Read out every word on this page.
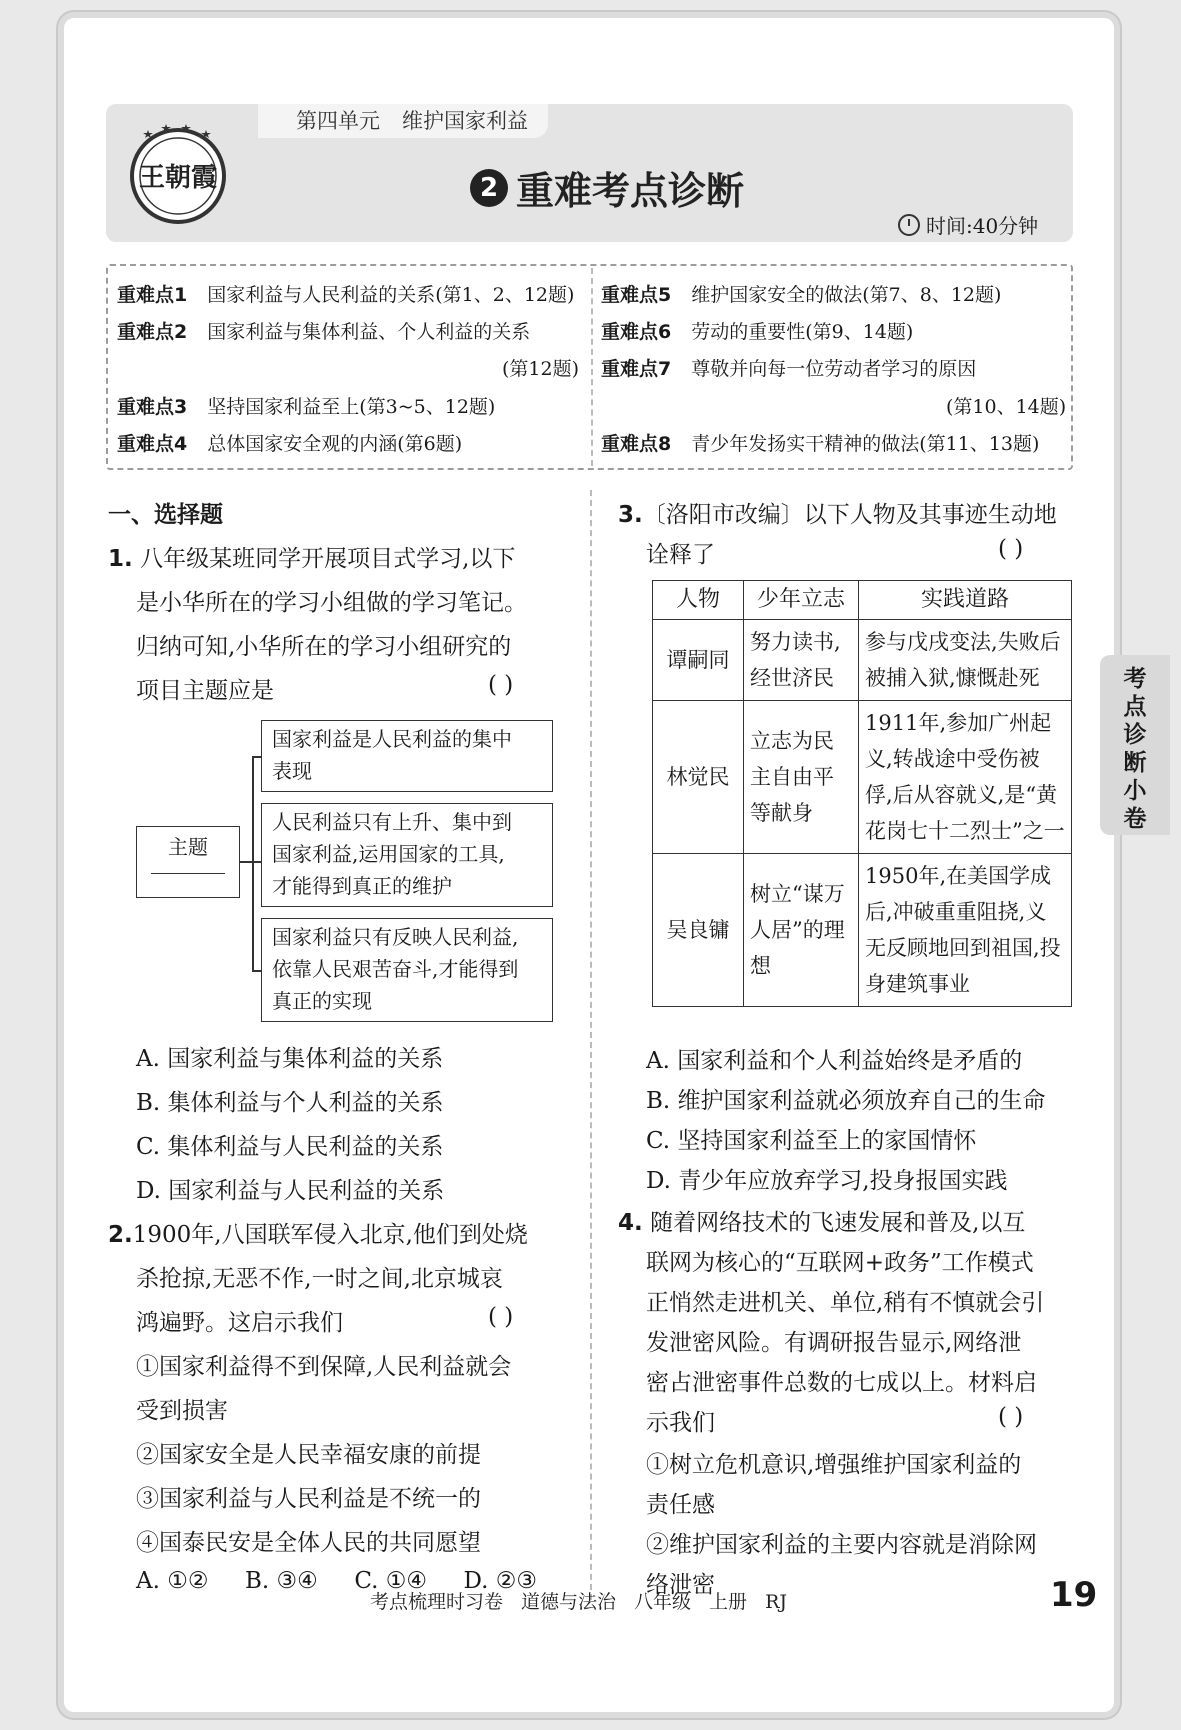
第四单元 维护国家利益
王朝霞	2 重难考点诊断
时间:40分钟
重难点1 国家利益与人民利益的关系(第1、2、12题)
重难点2 国家利益与集体利益、个人利益的关系
(第12题)
重难点3 坚持国家利益至上(第3~5、12题)
重难点4 总体国家安全观的内涵(第6题)
重难点5 维护国家安全的做法(第7、8、12题)
重难点6 劳动的重要性(第9、14题)
重难点7 尊敬并向每一位劳动者学习的原因
(第10、14题)
重难点8 青少年发扬实干精神的做法(第11、13题)
一、选择题
1. 八年级某班同学开展项目式学习,以下
是小华所在的学习小组做的学习笔记。
归纳可知,小华所在的学习小组研究的
项目主题应是	( )
主题
国家利益是人民利益的集中
表现
人民利益只有上升、集中到
国家利益,运用国家的工具,
才能得到真正的维护
国家利益只有反映人民利益,
依靠人民艰苦奋斗,才能得到
真正的实现
A. 国家利益与集体利益的关系
B. 集体利益与个人利益的关系
C. 集体利益与人民利益的关系
D. 国家利益与人民利益的关系
2.1900年,八国联军侵入北京,他们到处烧
杀抢掠,无恶不作,一时之间,北京城哀
鸿遍野。这启示我们	( )
①国家利益得不到保障,人民利益就会
受到损害
②国家安全是人民幸福安康的前提
③国家利益与人民利益是不统一的
④国泰民安是全体人民的共同愿望
A. ①②     B. ③④     C. ①④     D. ②③
3.〔洛阳市改编〕以下人物及其事迹生动地
诠释了	( )
人物	少年立志	实践道路
谭嗣同	努力读书,经世济民	参与戊戌变法,失败后被捕入狱,慷慨赴死
林觉民	立志为民主自由平等献身	1911年,参加广州起义,转战途中受伤被俘,后从容就义,是“黄花岗七十二烈士”之一
吴良镛	树立“谋万人居”的理想	1950年,在美国学成后,冲破重重阻挠,义无反顾地回到祖国,投身建筑事业
A. 国家利益和个人利益始终是矛盾的
B. 维护国家利益就必须放弃自己的生命
C. 坚持国家利益至上的家国情怀
D. 青少年应放弃学习,投身报国实践
4. 随着网络技术的飞速发展和普及,以互
联网为核心的“互联网+政务”工作模式
正悄然走进机关、单位,稍有不慎就会引
发泄密风险。有调研报告显示,网络泄
密占泄密事件总数的七成以上。材料启
示我们	( )
①树立危机意识,增强维护国家利益的
责任感
②维护国家利益的主要内容就是消除网
络泄密
考点诊断小卷
考点梳理时习卷 道德与法治 八年级 上册 RJ	19
